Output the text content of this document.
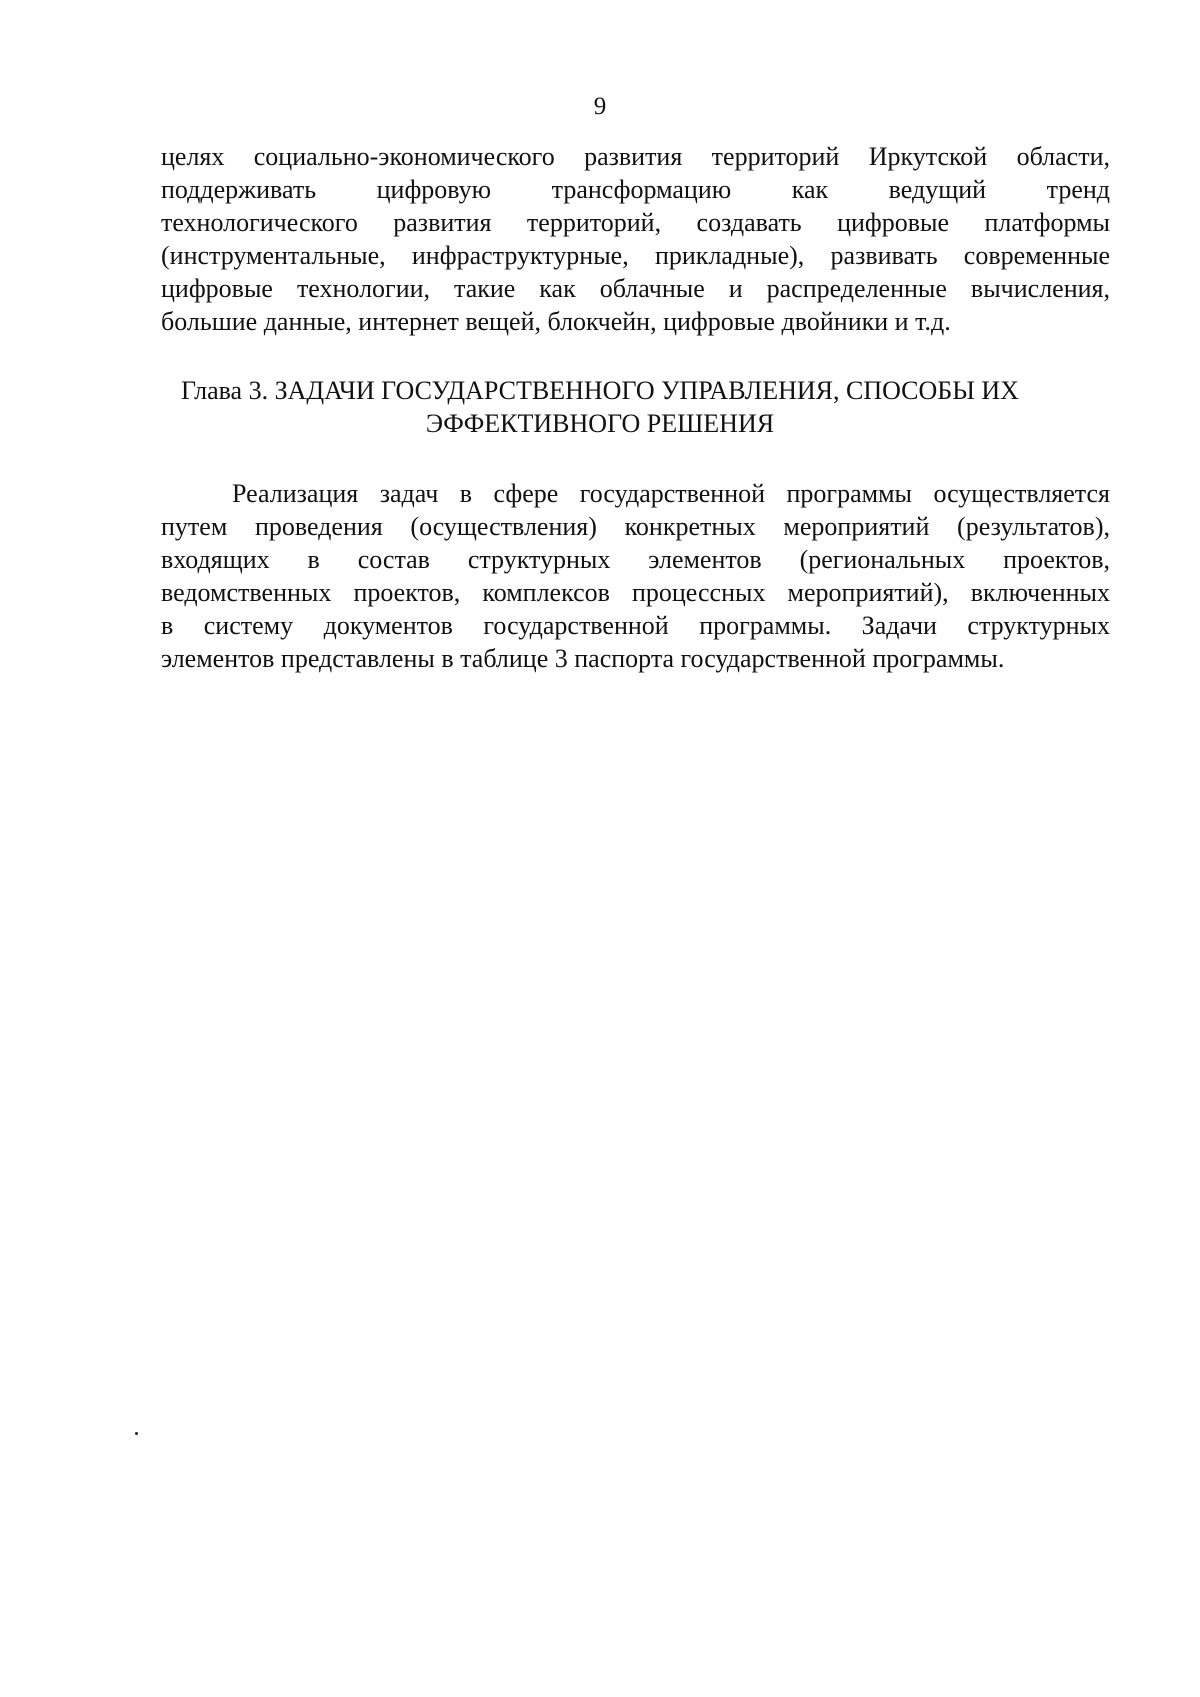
9
целях социально-экономического развития территорий Иркутской области,
поддерживать цифровую трансформацию как ведущий тренд
технологического развития территорий, создавать цифровые платформы
(инструментальные, инфраструктурные, прикладные), развивать современные
цифровые технологии, такие как облачные и распределенные вычисления,
большие данные, интернет вещей, блокчейн, цифровые двойники и т.д.
Глава 3. ЗАДАЧИ ГОСУДАРСТВЕННОГО УПРАВЛЕНИЯ, СПОСОБЫ ИХ
ЭФФЕКТИВНОГО РЕШЕНИЯ
Реализация задач в сфере государственной программы осуществляется
путем проведения (осуществления) конкретных мероприятий (результатов),
входящих в состав структурных элементов (региональных проектов,
ведомственных проектов, комплексов процессных мероприятий), включенных
в систему документов государственной программы. Задачи структурных
элементов представлены в таблице 3 паспорта государственной программы.
